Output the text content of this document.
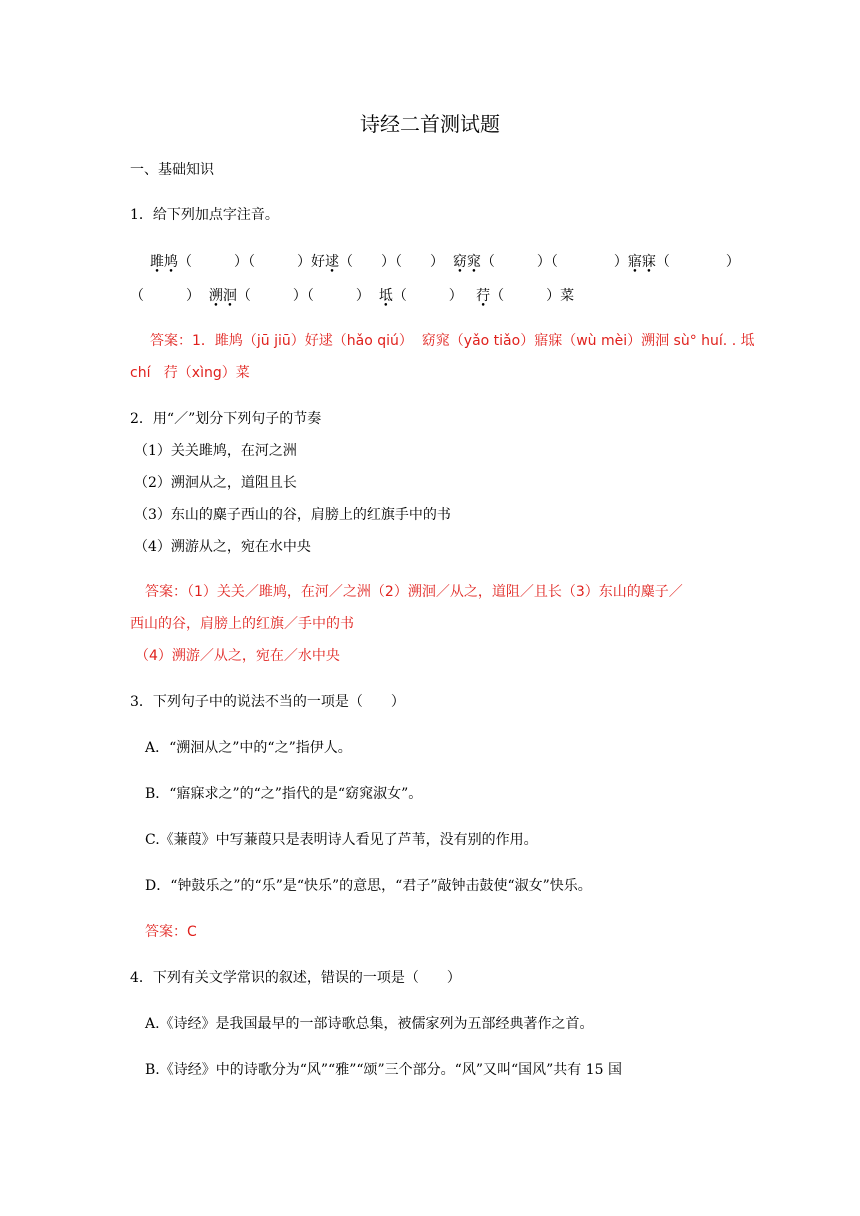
诗经二首测试题
一、基础知识
1．给下列加点字注音。
雎鸠（　　　）（　　　）好逑（　　）（　　） 窈窕（　　　）（　　　　）寤寐（　　　　）
（　　　） 溯洄（　　　）（　　　） 坻（　　　） 荇（　　　）菜
答案：1．雎鸠（jū jiū）好逑（hǎo qiú）  窈窕（yǎo tiǎo）寤寐（wù mèi）溯洄 sù° huí. . 坻
chí   荇（xìng）菜
2．用“／”划分下列句子的节奏
（1）关关雎鸠，在河之洲
（2）溯洄从之，道阻且长
（3）东山的麋子西山的谷，肩膀上的红旗手中的书
（4）溯游从之，宛在水中央
答案：（1）关关／雎鸠，在河／之洲（2）溯洄／从之，道阻／且长（3）东山的麋子／
西山的谷，肩膀上的红旗／手中的书
（4）溯游／从之，宛在／水中央
3．下列句子中的说法不当的一项是（　　）
A．“溯洄从之”中的“之”指伊人。
B．“寤寐求之”的“之”指代的是“窈窕淑女”。
C.《蒹葭》中写蒹葭只是表明诗人看见了芦苇，没有别的作用。
D．“钟鼓乐之”的“乐”是“快乐”的意思，“君子”敲钟击鼓使“淑女”快乐。
答案：C
4．下列有关文学常识的叙述，错误的一项是（　　）
A.《诗经》是我国最早的一部诗歌总集，被儒家列为五部经典著作之首。
B.《诗经》中的诗歌分为“风”“雅”“颂”三个部分。“风”又叫“国风”共有 15 国
